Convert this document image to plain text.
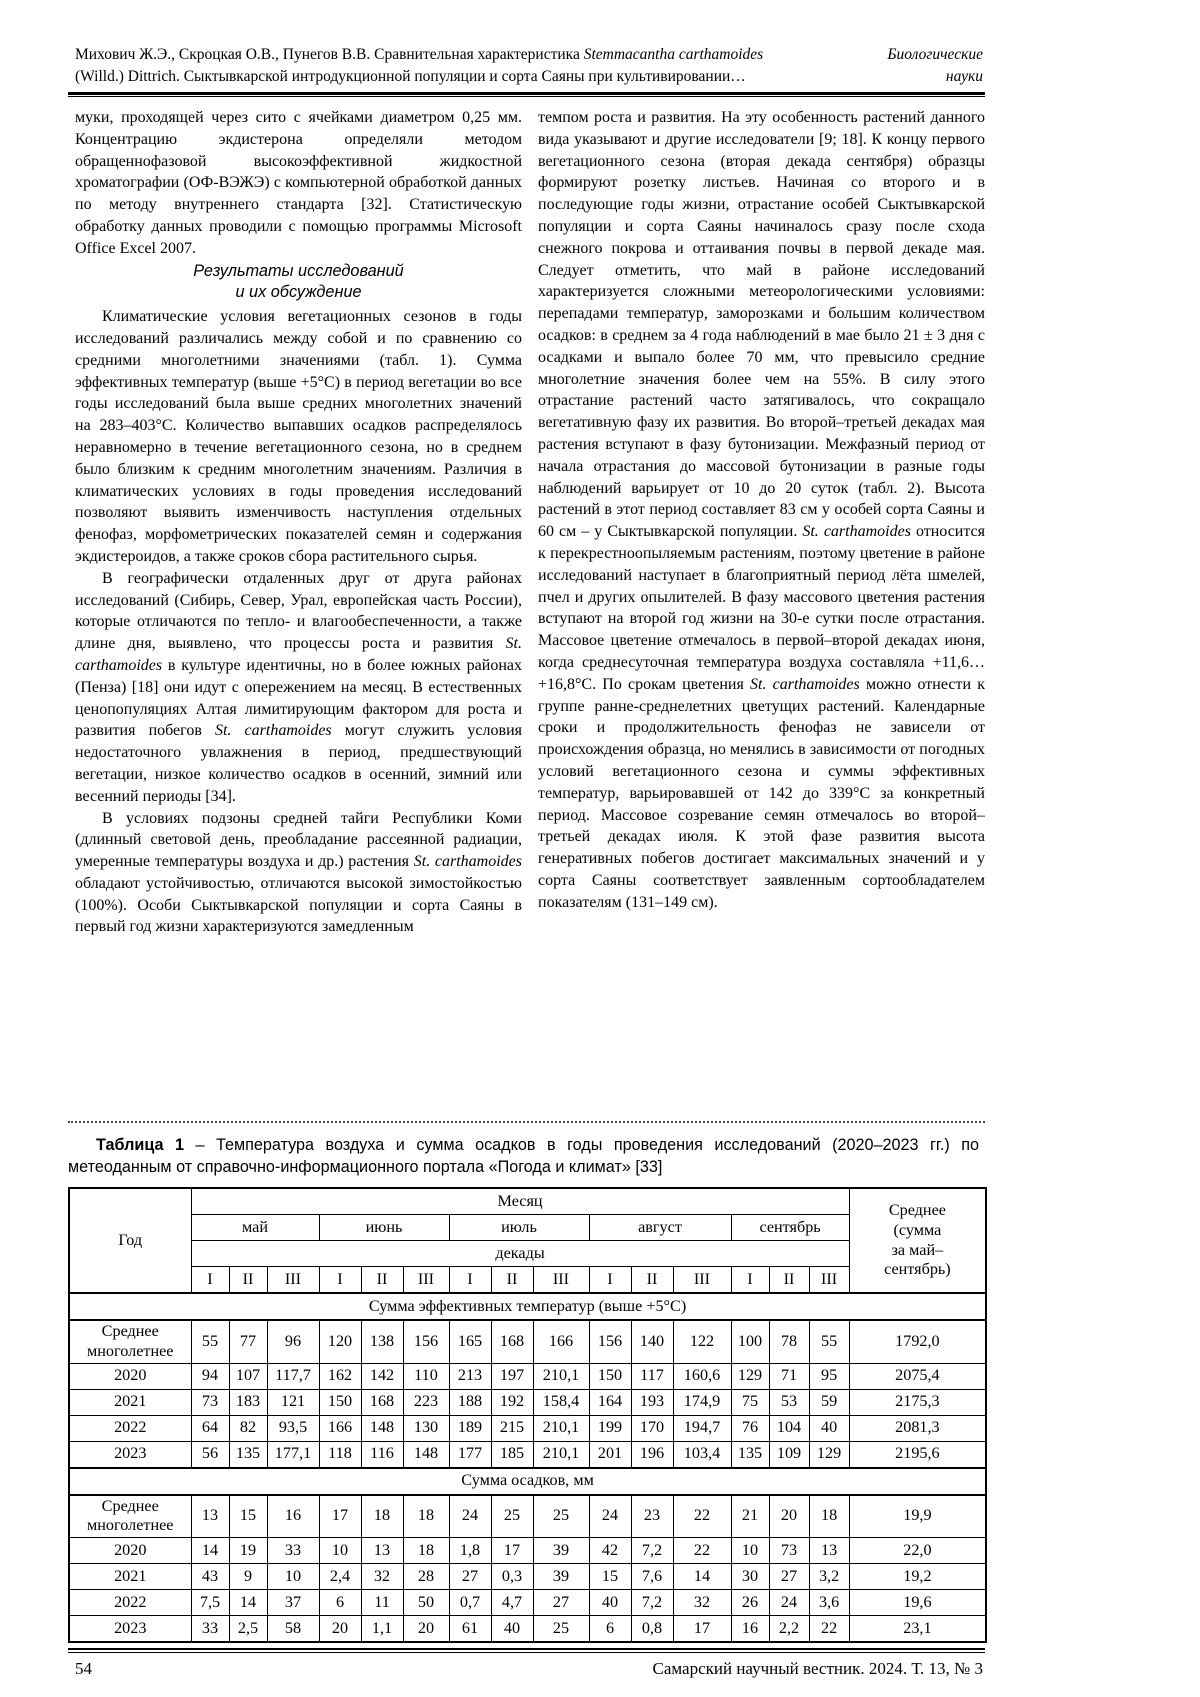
Михович Ж.Э., Скроцкая О.В., Пунегов В.В. Сравнительная характеристика Stemmacantha carthamoides
(Willd.) Dittrich. Сыктывкарской интродукционной популяции и сорта Саяны при культивировании…
Биологические
науки

муки, проходящей через сито с ячейками диаметром 0,25 мм. Концентрацию экдистерона определяли методом обращеннофазовой высокоэффективной жидкостной хроматографии (ОФ-ВЭЖЭ) с компьютерной обработкой данных по методу внутреннего стандарта [32]. Статистическую обработку данных проводили с помощью программы Microsoft Office Excel 2007.

Результаты исследований
и их обсуждение

Климатические условия вегетационных сезонов в годы исследований различались между собой и по сравнению со средними многолетними значениями (табл. 1). Сумма эффективных температур (выше +5°С) в период вегетации во все годы исследований была выше средних многолетних значений на 283–403°С. Количество выпавших осадков распределялось неравномерно в течение вегетационного сезона, но в среднем было близким к средним многолетним значениям. Различия в климатических условиях в годы проведения исследований позволяют выявить изменчивость наступления отдельных фенофаз, морфометрических показателей семян и содержания экдистероидов, а также сроков сбора растительного сырья.

В географически отдаленных друг от друга районах исследований (Сибирь, Север, Урал, европейская часть России), которые отличаются по тепло- и влагообеспеченности, а также длине дня, выявлено, что процессы роста и развития St. carthamoides в культуре идентичны, но в более южных районах (Пенза) [18] они идут с опережением на месяц. В естественных ценопопуляциях Алтая лимитирующим фактором для роста и развития побегов St. carthamoides могут служить условия недостаточного увлажнения в период, предшествующий вегетации, низкое количество осадков в осенний, зимний или весенний периоды [34].

В условиях подзоны средней тайги Республики Коми (длинный световой день, преобладание рассеянной радиации, умеренные температуры воздуха и др.) растения St. carthamoides обладают устойчивостью, отличаются высокой зимостойкостью (100%). Особи Сыктывкарской популяции и сорта Саяны в первый год жизни характеризуются замедленным

темпом роста и развития. На эту особенность растений данного вида указывают и другие исследователи [9; 18]. К концу первого вегетационного сезона (вторая декада сентября) образцы формируют розетку листьев. Начиная со второго и в последующие годы жизни, отрастание особей Сыктывкарской популяции и сорта Саяны начиналось сразу после схода снежного покрова и оттаивания почвы в первой декаде мая. Следует отметить, что май в районе исследований характеризуется сложными метеорологическими условиями: перепадами температур, заморозками и большим количеством осадков: в среднем за 4 года наблюдений в мае было 21 ± 3 дня с осадками и выпало более 70 мм, что превысило средние многолетние значения более чем на 55%. В силу этого отрастание растений часто затягивалось, что сокращало вегетативную фазу их развития. Во второй–третьей декадах мая растения вступают в фазу бутонизации. Межфазный период от начала отрастания до массовой бутонизации в разные годы наблюдений варьирует от 10 до 20 суток (табл. 2). Высота растений в этот период составляет 83 см у особей сорта Саяны и 60 см – у Сыктывкарской популяции. St. carthamoides относится к перекрестноопыляемым растениям, поэтому цветение в районе исследований наступает в благоприятный период лёта шмелей, пчел и других опылителей. В фазу массового цветения растения вступают на второй год жизни на 30-е сутки после отрастания. Массовое цветение отмечалось в первой–второй декадах июня, когда среднесуточная температура воздуха составляла +11,6…+16,8°С. По срокам цветения St. carthamoides можно отнести к группе ранне-среднелетних цветущих растений. Календарные сроки и продолжительность фенофаз не зависели от происхождения образца, но менялись в зависимости от погодных условий вегетационного сезона и суммы эффективных температур, варьировавшей от 142 до 339°С за конкретный период. Массовое созревание семян отмечалось во второй–третьей декадах июля. К этой фазе развития высота генеративных побегов достигает максимальных значений и у сорта Саяны соответствует заявленным сортообладателем показателям (131–149 см).

Таблица 1 – Температура воздуха и сумма осадков в годы проведения исследований (2020–2023 гг.) по метеоданным от справочно-информационного портала «Погода и климат» [33]
Год	Месяц															Среднее
(сумма
за май–
сентябрь)
	май			июнь			июль			август			сентябрь			
	декады															
	I	II	III	I	II	III	I	II	III	I	II	III	I	II	III	
Сумма эффективных температур (выше +5°С)																
Среднее многолетнее	55	77	96	120	138	156	165	168	166	156	140	122	100	78	55	1792,0
2020	94	107	117,7	162	142	110	213	197	210,1	150	117	160,6	129	71	95	2075,4
2021	73	183	121	150	168	223	188	192	158,4	164	193	174,9	75	53	59	2175,3
2022	64	82	93,5	166	148	130	189	215	210,1	199	170	194,7	76	104	40	2081,3
2023	56	135	177,1	118	116	148	177	185	210,1	201	196	103,4	135	109	129	2195,6
Сумма осадков, мм																
Среднее многолетнее	13	15	16	17	18	18	24	25	25	24	23	22	21	20	18	19,9
2020	14	19	33	10	13	18	1,8	17	39	42	7,2	22	10	73	13	22,0
2021	43	9	10	2,4	32	28	27	0,3	39	15	7,6	14	30	27	3,2	19,2
2022	7,5	14	37	6	11	50	0,7	4,7	27	40	7,2	32	26	24	3,6	19,6
2023	33	2,5	58	20	1,1	20	61	40	25	6	0,8	17	16	2,2	22	23,1
54	Самарский научный вестник. 2024. Т. 13, № 3
